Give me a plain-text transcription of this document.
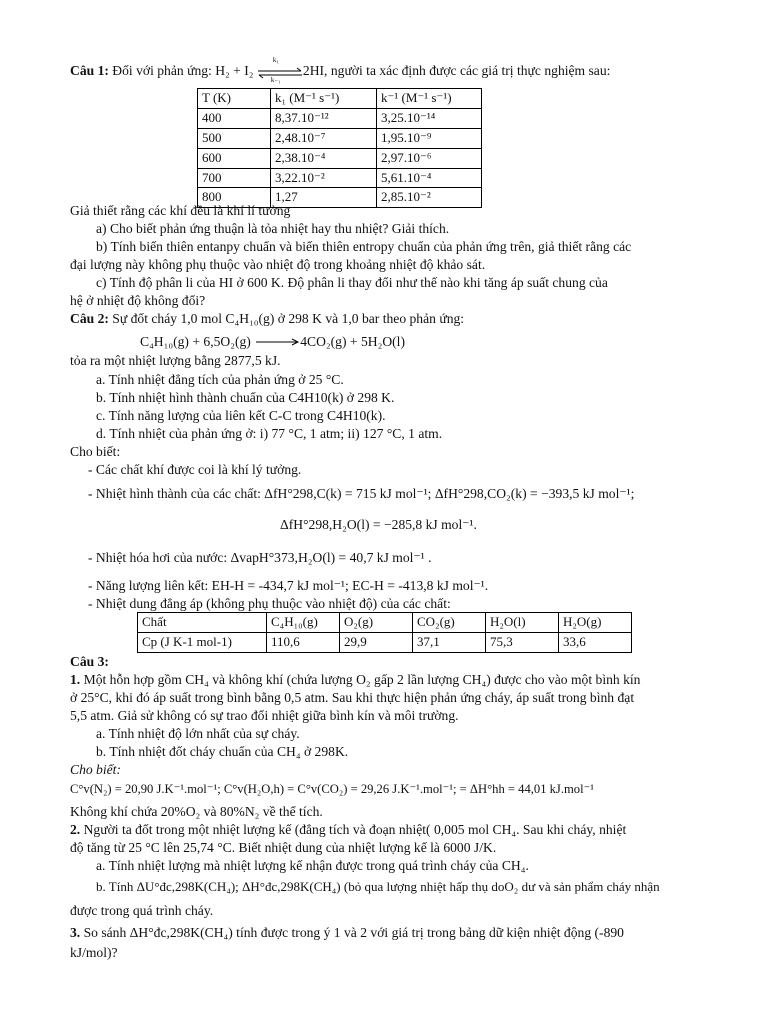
Câu 1: Đối với phản ứng: H₂ + I₂
k₁
k₋₁
2HI, người ta xác định được các giá trị thực nghiệm sau:
T (K)	k₁ (M⁻¹ s⁻¹)	k⁻¹ (M⁻¹ s⁻¹)
400	8,37.10⁻¹²	3,25.10⁻¹⁴
500	2,48.10⁻⁷	1,95.10⁻⁹
600	2,38.10⁻⁴	2,97.10⁻⁶
700	3,22.10⁻²	5,61.10⁻⁴
800	1,27	2,85.10⁻²
Giả thiết rằng các khí đều là khí lí tưởng
a) Cho biết phản ứng thuận là tỏa nhiệt hay thu nhiệt? Giải thích.
b) Tính biến thiên entanpy chuẩn và biến thiên entropy chuẩn của phản ứng trên, giả thiết rằng các
đại lượng này không phụ thuộc vào nhiệt độ trong khoảng nhiệt độ khảo sát.
c) Tính độ phân li của HI ở 600 K. Độ phân li thay đổi như thế nào khi tăng áp suất chung của
hệ ở nhiệt độ không đổi?
Câu 2: Sự đốt cháy 1,0 mol C₄H₁₀(g) ở 298 K và 1,0 bar theo phản ứng:
C₄H₁₀(g) + 6,5O₂(g) →4CO₂(g) + 5H₂O(l)
tỏa ra một nhiệt lượng bằng 2877,5 kJ.
a. Tính nhiệt đẳng tích của phản ứng ở 25 °C.
b. Tính nhiệt hình thành chuẩn của C4H10(k) ở 298 K.
c. Tính năng lượng của liên kết C-C trong C4H10(k).
d. Tính nhiệt của phản ứng ở: i) 77 °C, 1 atm; ii) 127 °C, 1 atm.
Cho biết:
- Các chất khí được coi là khí lý tưởng.
- Nhiệt hình thành của các chất: ΔfH°298,C(k) = 715 kJ mol⁻¹; ΔfH°298,CO₂(k) = −393,5 kJ mol⁻¹;
ΔfH°298,H₂O(l) = −285,8 kJ mol⁻¹.
- Nhiệt hóa hơi của nước: ΔvapH°373,H₂O(l) = 40,7 kJ mol⁻¹ .
- Năng lượng liên kết: EH-H = -434,7 kJ mol⁻¹; EC-H = -413,8 kJ mol⁻¹.
- Nhiệt dung đẳng áp (không phụ thuộc vào nhiệt độ) của các chất:
Chất	C₄H₁₀(g)	O₂(g)	CO₂(g)	H₂O(l)	H₂O(g)
Cp (J K-1 mol-1)	110,6	29,9	37,1	75,3	33,6
Câu 3:
1. Một hỗn hợp gồm CH₄ và không khí (chứa lượng O₂ gấp 2 lần lượng CH₄) được cho vào một bình kín
ở 25°C, khi đó áp suất trong bình bằng 0,5 atm. Sau khi thực hiện phản ứng cháy, áp suất trong bình đạt
5,5 atm. Giả sử không có sự trao đổi nhiệt giữa bình kín và môi trường.
a. Tính nhiệt độ lớn nhất của sự cháy.
b. Tính nhiệt đốt cháy chuẩn của CH₄ ở 298K.
Cho biết:
C°v(N₂) = 20,90 J.K⁻¹.mol⁻¹; C°v(H₂O,h) = C°v(CO₂) = 29,26 J.K⁻¹.mol⁻¹; = ΔH°hh = 44,01 kJ.mol⁻¹
Không khí chứa 20%O₂ và 80%N₂ về thể tích.
2. Người ta đốt trong một nhiệt lượng kế (đẳng tích và đoạn nhiệt( 0,005 mol CH₄. Sau khi cháy, nhiệt
độ tăng từ 25 °C lên 25,74 °C. Biết nhiệt dung của nhiệt lượng kế là 6000 J/K.
a. Tính nhiệt lượng mà nhiệt lượng kế nhận được trong quá trình cháy của CH₄.
b. Tính ΔU°đc,298K(CH₄); ΔH°đc,298K(CH₄) (bỏ qua lượng nhiệt hấp thụ doO₂ dư và sản phẩm cháy nhận
được trong quá trình cháy.
3. So sánh ΔH°đc,298K(CH₄) tính được trong ý 1 và 2 với giá trị trong bảng dữ kiện nhiệt động (-890
kJ/mol)?
